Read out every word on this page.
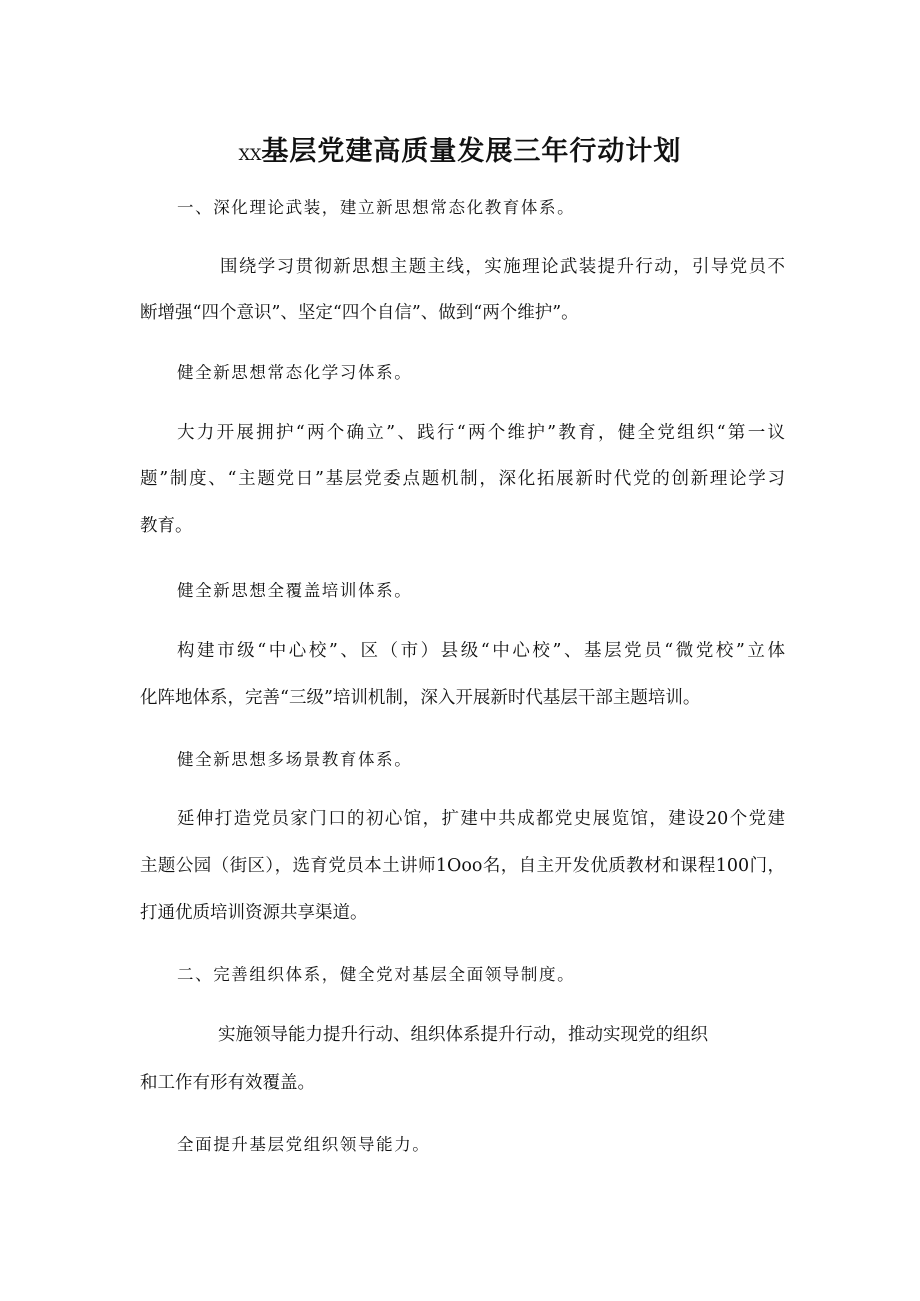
XX基层党建高质量发展三年行动计划
一、深化理论武装，建立新思想常态化教育体系。
围绕学习贯彻新思想主题主线，实施理论武装提升行动，引导党员不
断增强“四个意识”、坚定“四个自信”、做到“两个维护”。
健全新思想常态化学习体系。
大力开展拥护“两个确立”、践行“两个维护”教育，健全党组织“第一议
题”制度、“主题党日”基层党委点题机制，深化拓展新时代党的创新理论学习
教育。
健全新思想全覆盖培训体系。
构建市级“中心校”、区（市）县级“中心校”、基层党员“微党校”立体
化阵地体系，完善“三级”培训机制，深入开展新时代基层干部主题培训。
健全新思想多场景教育体系。
延伸打造党员家门口的初心馆，扩建中共成都党史展览馆，建设20个党建
主题公园（街区），选育党员本土讲师1Ooo名，自主开发优质教材和课程100门，
打通优质培训资源共享渠道。
二、完善组织体系，健全党对基层全面领导制度。
实施领导能力提升行动、组织体系提升行动，推动实现党的组织
和工作有形有效覆盖。
全面提升基层党组织领导能力。
